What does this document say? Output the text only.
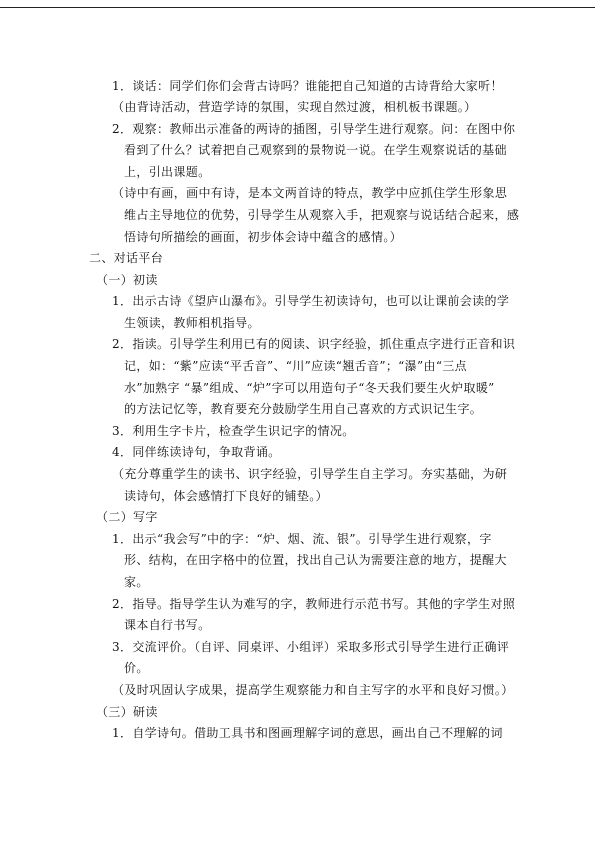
1．谈话：同学们你们会背古诗吗？谁能把自己知道的古诗背给大家听！
（由背诗活动，营造学诗的氛围，实现自然过渡，相机板书课题。）
2．观察：教师出示准备的两诗的插图，引导学生进行观察。问：在图中你
看到了什么？试着把自己观察到的景物说一说。在学生观察说话的基础
上，引出课题。
（诗中有画，画中有诗，是本文两首诗的特点，教学中应抓住学生形象思
维占主导地位的优势，引导学生从观察入手，把观察与说话结合起来，感
悟诗句所描绘的画面，初步体会诗中蕴含的感情。）
二、对话平台
（一）初读
1．出示古诗《望庐山瀑布》。引导学生初读诗句，也可以让课前会读的学
生领读，教师相机指导。
2．指读。引导学生利用已有的阅读、识字经验，抓住重点字进行正音和识
记，如：“紫”应读“平舌音”、“川”应读“翘舌音”；“瀑”由“三点
水”加熟字 “暴”组成、“炉”字可以用造句子“冬天我们要生火炉取暖”
的方法记忆等，教育要充分鼓励学生用自己喜欢的方式识记生字。
3．利用生字卡片，检查学生识记字的情况。
4．同伴练读诗句，争取背诵。
（充分尊重学生的读书、识字经验，引导学生自主学习。夯实基础，为研
读诗句，体会感情打下良好的铺垫。）
（二）写字
1．出示“我会写”中的字：“炉、烟、流、银”。引导学生进行观察，字
形、结构，在田字格中的位置，找出自己认为需要注意的地方，提醒大
家。
2．指导。指导学生认为难写的字，教师进行示范书写。其他的字学生对照
课本自行书写。
3．交流评价。（自评、同桌评、小组评）采取多形式引导学生进行正确评
价。
（及时巩固认字成果，提高学生观察能力和自主写字的水平和良好习惯。）
（三）研读
1．自学诗句。借助工具书和图画理解字词的意思，画出自己不理解的词
